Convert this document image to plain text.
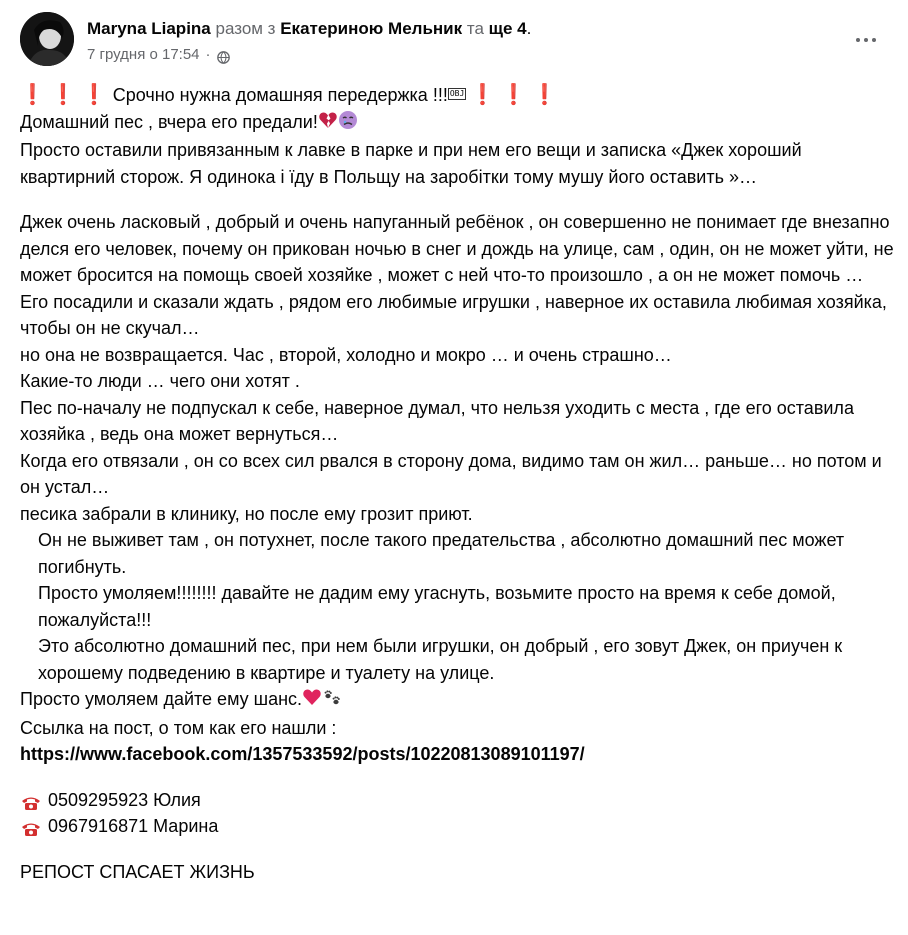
Maryna Liapina разом з Екатериною Мельник та ще 4.
7 грудня о 17:54 ·

❗ ❗ ❗ Срочно нужна домашняя передержка !!! OBJ ❗ ❗ ❗

Домашний пес , вчера его предали!

Просто оставили привязанным к лавке в парке и при нем его вещи и записка «Джек хороший квартирний сторож. Я одинока і їду в Польщу на заробітки тому мушу його оставить »…

Джек очень ласковый , добрый и очень напуганный ребёнок , он совершенно не понимает где внезапно делся его человек, почему он прикован ночью в снег и дождь на улице, сам , один, он не может уйти, не может бросится на помощь своей хозяйке , может с ней что-то произошло , а он не может помочь …

Его посадили и сказали ждать , рядом его любимые игрушки , наверное их оставила любимая хозяйка, чтобы он не скучал…

но она не возвращается. Час , второй, холодно и мокро … и очень страшно…

Какие-то люди … чего они хотят .

Пес по-началу не подпускал к себе, наверное думал, что нельзя уходить с места , где его оставила хозяйка , ведь она может вернуться…

Когда его отвязали , он со всех сил рвался в сторону дома, видимо там он жил… раньше… но потом и он устал…

песика забрали в клинику, но после ему грозит приют.

Он не выживет там , он потухнет, после такого предательства , абсолютно домашний пес может погибнуть.

Просто умоляем!!!!!!!! давайте не дадим ему угаснуть, возьмите просто на время к себе домой, пожалуйста!!!

Это абсолютно домашний пес, при нем были игрушки, он добрый , его зовут Джек, он приучен к хорошему подведению в квартире и туалету на улице.

Просто умоляем дайте ему шанс.

Ссылка на пост, о том как его нашли :

https://www.facebook.com/1357533592/posts/10220813089101197/

0509295923 Юлия

0967916871 Марина

РЕПОСТ СПАСАЕТ ЖИЗНЬ
